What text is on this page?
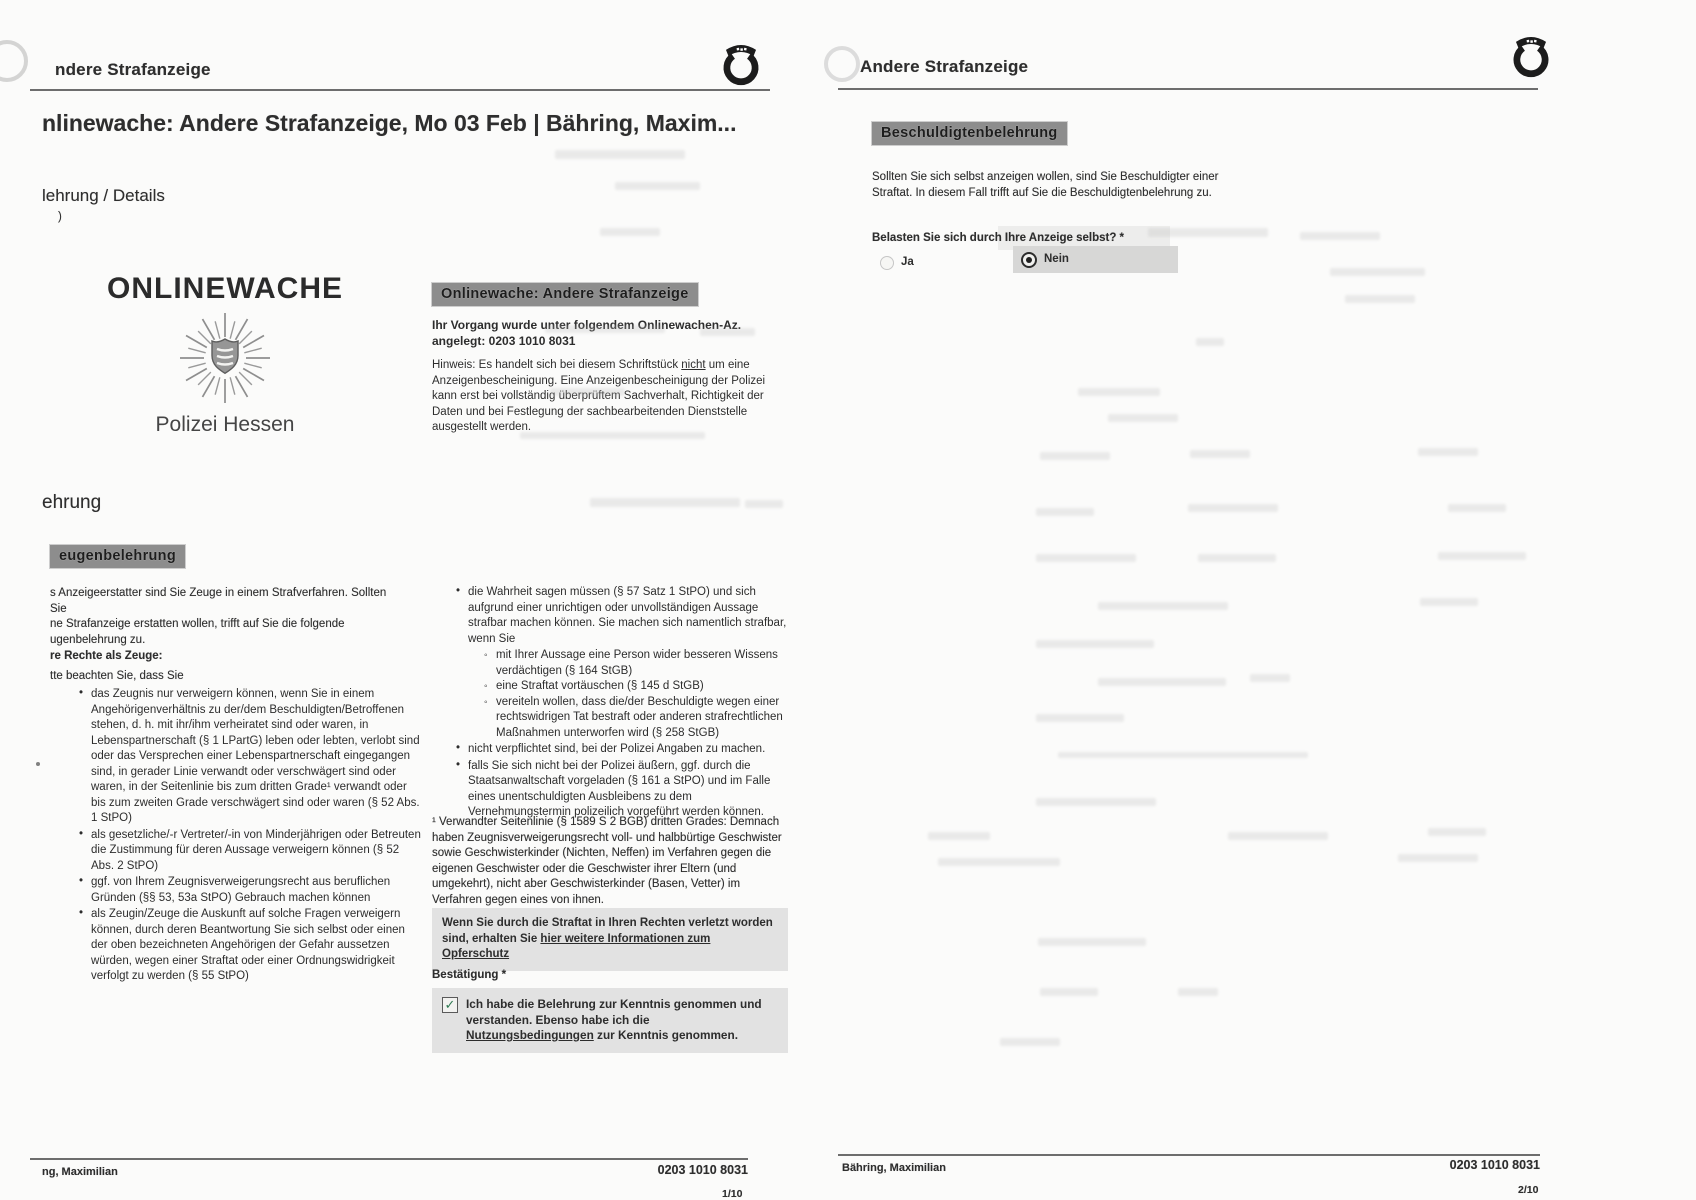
ndere Strafanzeige
nlinewache: Andere Strafanzeige, Mo 03 Feb | Bähring, Maxim...
lehrung / Details
)
ONLINEWACHE
Polizei Hessen
Onlinewache: Andere Strafanzeige
Ihr Vorgang wurde unter folgendem Onlinewachen-Az.
angelegt: 0203 1010 8031
Hinweis: Es handelt sich bei diesem Schriftstück nicht um eine Anzeigenbescheinigung. Eine Anzeigenbescheinigung der Polizei kann erst bei vollständig überprüftem Sachverhalt, Richtigkeit der Daten und bei Festlegung der sachbearbeitenden Dienststelle ausgestellt werden.
ehrung
eugenbelehrung
s Anzeigeerstatter sind Sie Zeuge in einem Strafverfahren. Sollten Sie
ne Strafanzeige erstatten wollen, trifft auf Sie die folgende
ugenbelehrung zu.
re Rechte als Zeuge:
tte beachten Sie, dass Sie
• das Zeugnis nur verweigern können, wenn Sie in einem Angehörigenverhältnis zu der/dem Beschuldigten/Betroffenen stehen, d. h. mit ihr/ihm verheiratet sind oder waren, in Lebenspartnerschaft (§ 1 LPartG) leben oder lebten, verlobt sind oder das Versprechen einer Lebenspartnerschaft eingegangen sind, in gerader Linie verwandt oder verschwägert sind oder waren, in der Seitenlinie bis zum dritten Grade¹ verwandt oder bis zum zweiten Grade verschwägert sind oder waren (§ 52 Abs. 1 StPO)
• als gesetzliche/-r Vertreter/-in von Minderjährigen oder Betreuten die Zustimmung für deren Aussage verweigern können (§ 52 Abs. 2 StPO)
• ggf. von Ihrem Zeugnisverweigerungsrecht aus beruflichen Gründen (§§ 53, 53a StPO) Gebrauch machen können
• als Zeugin/Zeuge die Auskunft auf solche Fragen verweigern können, durch deren Beantwortung Sie sich selbst oder einen der oben bezeichneten Angehörigen der Gefahr aussetzen würden, wegen einer Straftat oder einer Ordnungswidrigkeit verfolgt zu werden (§ 55 StPO)
• die Wahrheit sagen müssen (§ 57 Satz 1 StPO) und sich aufgrund einer unrichtigen oder unvollständigen Aussage strafbar machen können. Sie machen sich namentlich strafbar, wenn Sie
◦ mit Ihrer Aussage eine Person wider besseren Wissens verdächtigen (§ 164 StGB)
◦ eine Straftat vortäuschen (§ 145 d StGB)
◦ vereiteln wollen, dass die/der Beschuldigte wegen einer rechtswidrigen Tat bestraft oder anderen strafrechtlichen Maßnahmen unterworfen wird (§ 258 StGB)
• nicht verpflichtet sind, bei der Polizei Angaben zu machen.
• falls Sie sich nicht bei der Polizei äußern, ggf. durch die Staatsanwaltschaft vorgeladen (§ 161 a StPO) und im Falle eines unentschuldigten Ausbleibens zu dem Vernehmungstermin polizeilich vorgeführt werden können.
¹ Verwandter Seitenlinie (§ 1589 S 2 BGB) dritten Grades: Demnach haben Zeugnisverweigerungsrecht voll- und halbbürtige Geschwister sowie Geschwisterkinder (Nichten, Neffen) im Verfahren gegen die eigenen Geschwister oder die Geschwister ihrer Eltern (und umgekehrt), nicht aber Geschwisterkinder (Basen, Vetter) im Verfahren gegen eines von ihnen.
Wenn Sie durch die Straftat in Ihren Rechten verletzt worden sind, erhalten Sie hier weitere Informationen zum Opferschutz
Bestätigung *
✓ Ich habe die Belehrung zur Kenntnis genommen und verstanden. Ebenso habe ich die Nutzungsbedingungen zur Kenntnis genommen.
ng, Maximilian	0203 1010 8031
1/10
Andere Strafanzeige
Beschuldigtenbelehrung
Sollten Sie sich selbst anzeigen wollen, sind Sie Beschuldigter einer
Straftat. In diesem Fall trifft auf Sie die Beschuldigtenbelehrung zu.
Belasten Sie sich durch Ihre Anzeige selbst? *
Ja	Nein
Bähring, Maximilian	0203 1010 8031
2/10
